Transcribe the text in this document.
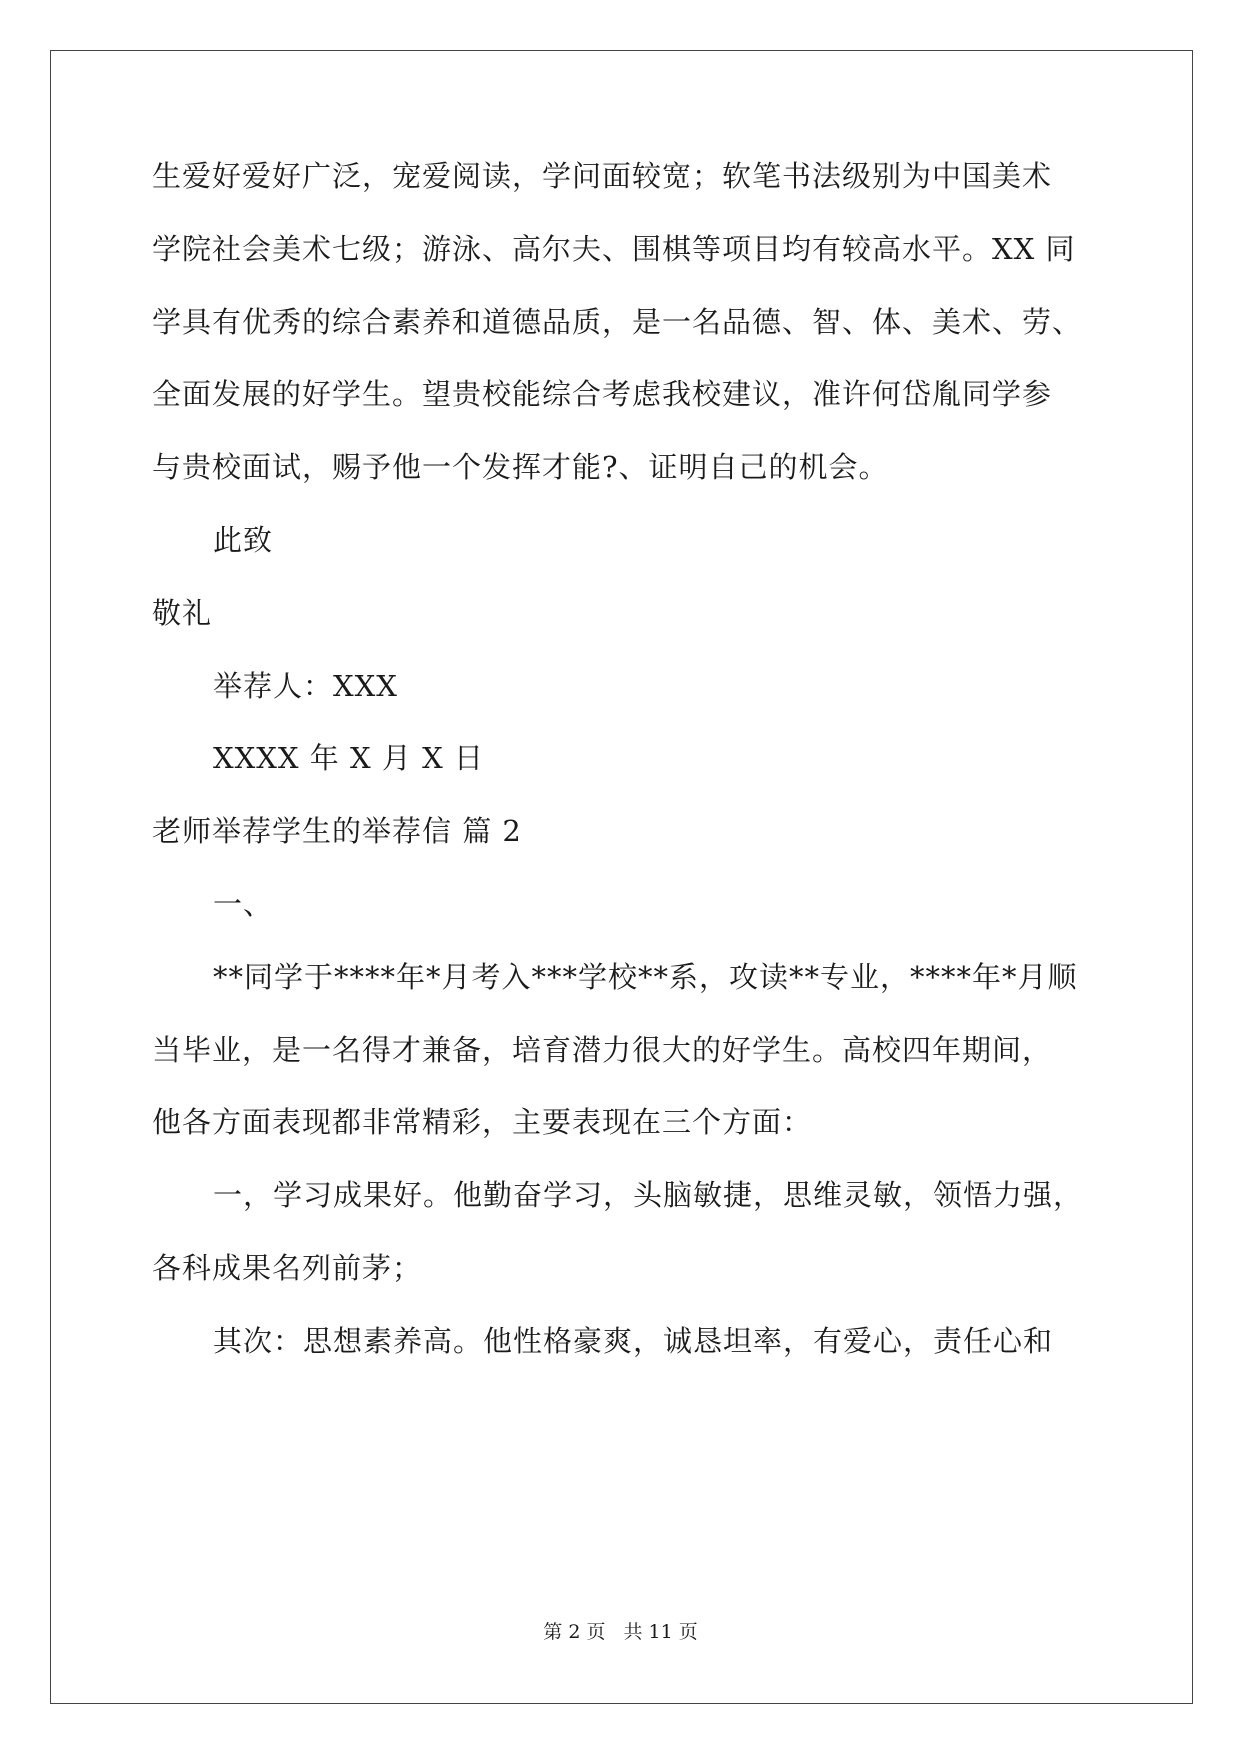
生爱好爱好广泛，宠爱阅读，学问面较宽；软笔书法级别为中国美术
学院社会美术七级；游泳、高尔夫、围棋等项目均有较高水平。XX 同
学具有优秀的综合素养和道德品质，是一名品德、智、体、美术、劳、
全面发展的好学生。望贵校能综合考虑我校建议，准许何岱胤同学参
与贵校面试，赐予他一个发挥才能?、证明自己的机会。
此致
敬礼
举荐人：XXX
XXXX 年 X 月 X 日
老师举荐学生的举荐信 篇 2
一、
**同学于****年*月考入***学校**系，攻读**专业，****年*月顺
当毕业，是一名得才兼备，培育潜力很大的好学生。高校四年期间，
他各方面表现都非常精彩，主要表现在三个方面：
一，学习成果好。他勤奋学习，头脑敏捷，思维灵敏，领悟力强，
各科成果名列前茅；
其次：思想素养高。他性格豪爽，诚恳坦率，有爱心，责任心和
第 2 页 共 11 页
